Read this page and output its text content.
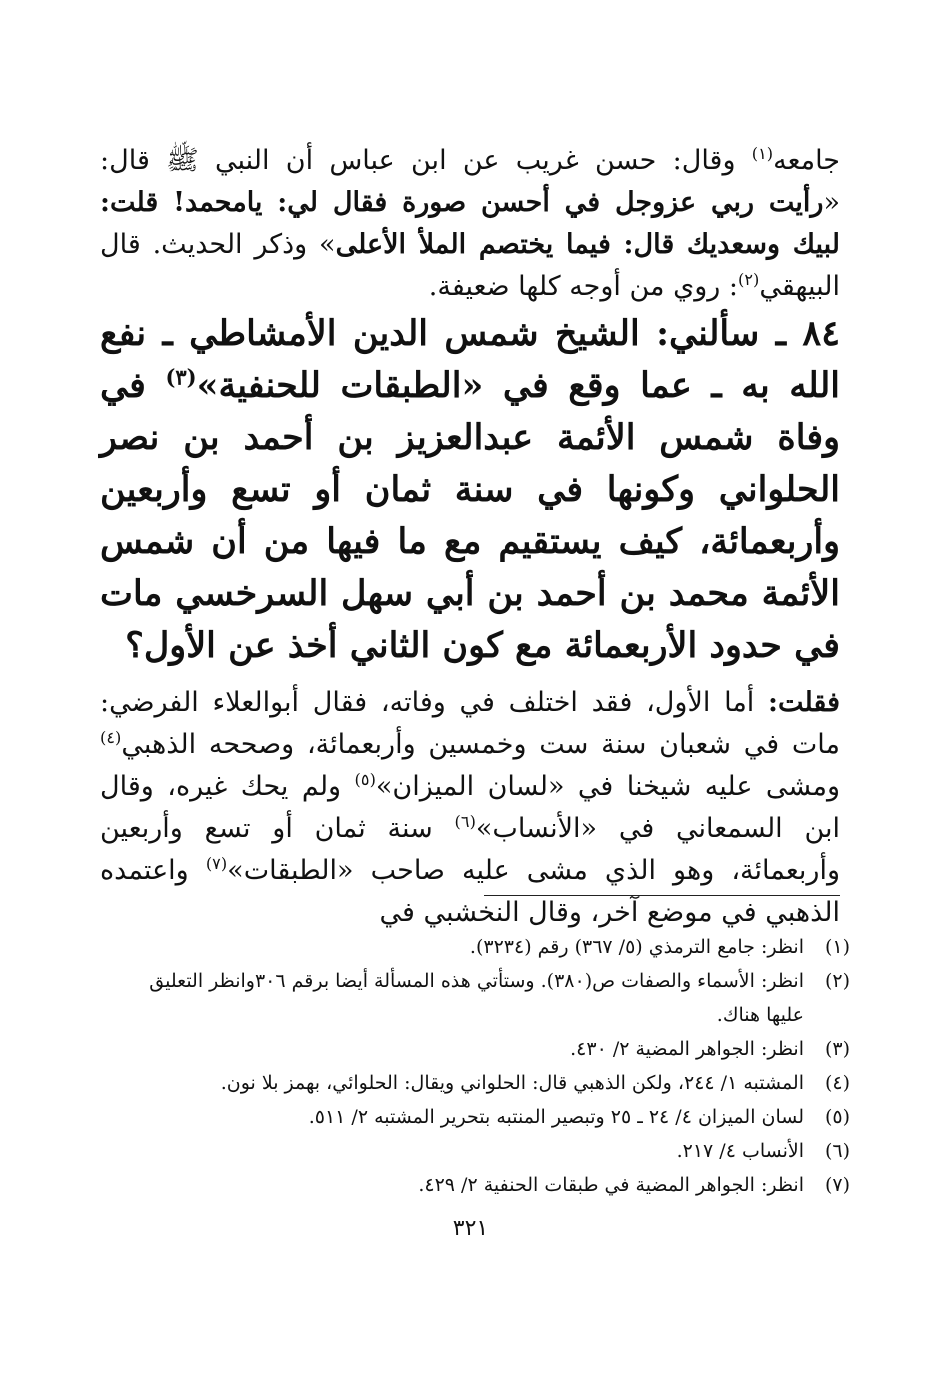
جامعه$^{(١)}$ وقال: حسن غريب عن ابن عباس أن النبي ﷺ قال: «رأيت ربي عزوجل في أحسن صورة فقال لي: يامحمد! قلت: لبيك وسعديك قال: فيما يختصم الملأ الأعلى» وذكر الحديث. قال البيهقي$^{(٢)}$: روي من أوجه كلها ضعيفة.

٨٤ ـ سألني: الشيخ شمس الدين الأمشاطي ـ نفع الله به ـ عما وقع في «الطبقات للحنفية»$^{(٣)}$ في وفاة شمس الأئمة عبدالعزيز بن أحمد بن نصر الحلواني وكونها في سنة ثمان أو تسع وأربعين وأربعمائة، كيف يستقيم مع ما فيها من أن شمس الأئمة محمد بن أحمد بن أبي سهل السرخسي مات في حدود الأربعمائة مع كون الثاني أخذ عن الأول؟

فقلت: أما الأول، فقد اختلف في وفاته، فقال أبوالعلاء الفرضي: مات في شعبان سنة ست وخمسين وأربعمائة، وصححه الذهبي$^{(٤)}$ ومشى عليه شيخنا في «لسان الميزان»$^{(٥)}$ ولم يحك غيره، وقال ابن السمعاني في «الأنساب»$^{(٦)}$ سنة ثمان أو تسع وأربعين وأربعمائة، وهو الذي مشى عليه صاحب «الطبقات»$^{(٧)}$ واعتمده الذهبي في موضع آخر، وقال النخشبي في

(١)
انظر: جامع الترمذي (٥/ ٣٦٧) رقم (٣٢٣٤).
(٢)
انظر: الأسماء والصفات ص(٣٨٠). وستأتي هذه المسألة أيضا برقم ٣٠٦وانظر التعليق عليها هناك.
(٣)
انظر: الجواهر المضية ٢/ ٤٣٠.
(٤)
المشتبه ١/ ٢٤٤، ولكن الذهبي قال: الحلواني ويقال: الحلوائي، بهمز بلا نون.
(٥)
لسان الميزان ٤/ ٢٤ ـ ٢٥ وتبصير المنتبه بتحرير المشتبه ٢/ ٥١١.
(٦)
الأنساب ٤/ ٢١٧.
(٧)
انظر: الجواهر المضية في طبقات الحنفية ٢/ ٤٢٩.
٣٢١
